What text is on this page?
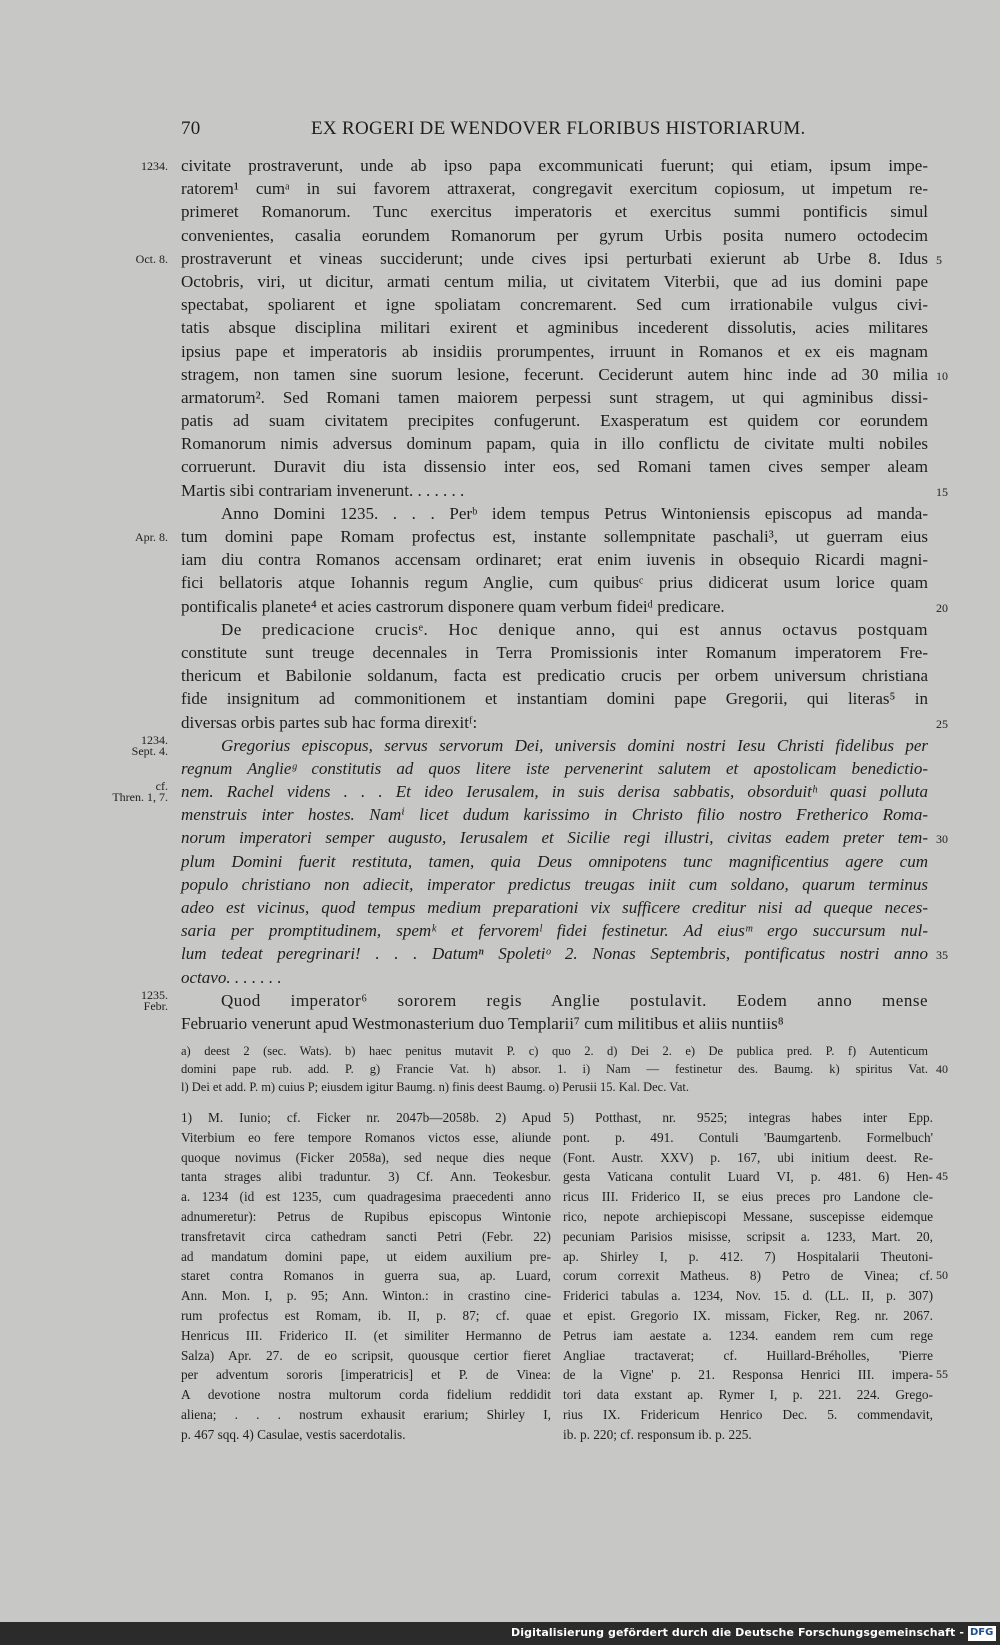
70	EX ROGERI DE WENDOVER FLORIBUS HISTORIARUM.
1234. civitate prostraverunt, unde ab ipso papa excommunicati fuerunt; qui etiam, ipsum impe-
ratorem¹ cumᵃ in sui favorem attraxerat, congregavit exercitum copiosum, ut impetum re-
primeret Romanorum. Tunc exercitus imperatoris et exercitus summi pontificis simul
convenientes, casalia eorundem Romanorum per gyrum Urbis posita numero octodecim
Oct. 8. prostraverunt et vineas succiderunt; unde cives ipsi perturbati exierunt ab Urbe 8. Idus 5
Octobris, viri, ut dicitur, armati centum milia, ut civitatem Viterbii, que ad ius domini pape
spectabat, spoliarent et igne spoliatam concremarent. Sed cum irrationabile vulgus civi-
tatis absque disciplina militari exirent et agminibus incederent dissolutis, acies militares
ipsius pape et imperatoris ab insidiis prorumpentes, irruunt in Romanos et ex eis magnam
stragem, non tamen sine suorum lesione, fecerunt. Ceciderunt autem hinc inde ad 30 milia 10
armatorum². Sed Romani tamen maiorem perpessi sunt stragem, ut qui agminibus dissi-
patis ad suam civitatem precipites confugerunt. Exasperatum est quidem cor eorundem
Romanorum nimis adversus dominum papam, quia in illo conflictu de civitate multi nobiles
corruerunt. Duravit diu ista dissensio inter eos, sed Romani tamen cives semper aleam
Martis sibi contrariam invenerunt. . . . . . .	15
Anno Domini 1235. . . . Perᵇ idem tempus Petrus Wintoniensis episcopus ad manda-
Apr. 8. tum domini pape Romam profectus est, instante sollempnitate paschali³, ut guerram eius
iam diu contra Romanos accensam ordinaret; erat enim iuvenis in obsequio Ricardi magni-
fici bellatoris atque Iohannis regum Anglie, cum quibusᶜ prius didicerat usum lorice quam
pontificalis planete⁴ et acies castrorum disponere quam verbum fideiᵈ predicare.	20
De predicacione crucisᵉ. Hoc denique anno, qui est annus octavus postquam
constitute sunt treuge decennales in Terra Promissionis inter Romanum imperatorem Fre-
thericum et Babilonie soldanum, facta est predicatio crucis per orbem universum christiana
fide insignitum ad commonitionem et instantiam domini pape Gregorii, qui literas⁵ in
diversas orbis partes sub hac forma direxitᶠ:	25
1234.
Sept. 4.	Gregorius episcopus, servus servorum Dei, universis domini nostri Iesu Christi fidelibus per
regnum Anglieᵍ constitutis ad quos litere iste pervenerint salutem et apostolicam benedictio-
cf.
Thren. 1, 7. nem. Rachel videns . . . Et ideo Ierusalem, in suis derisa sabbatis, obsorduitʰ quasi polluta
menstruis inter hostes. Namⁱ licet dudum karissimo in Christo filio nostro Fretherico Roma-
norum imperatori semper augusto, Ierusalem et Sicilie regi illustri, civitas eadem preter tem- 30
plum Domini fuerit restituta, tamen, quia Deus omnipotens tunc magnificentius agere cum
populo christiano non adiecit, imperator predictus treugas iniit cum soldano, quarum terminus
adeo est vicinus, quod tempus medium preparationi vix sufficere creditur nisi ad queque neces-
saria per promptitudinem, spemᵏ et fervoremˡ fidei festinetur. Ad eiusᵐ ergo succursum nul-
lum tedeat peregrinari! . . . Datumⁿ Spoletiᵒ 2. Nonas Septembris, pontificatus nostri anno 35
octavo. . . . . . .
1235.
Febr.	Quod imperator⁶ sororem regis Anglie postulavit. Eodem anno mense
Februario venerunt apud Westmonasterium duo Templarii⁷ cum militibus et aliis nuntiis⁸
a) deest 2 (sec. Wats). b) haec penitus mutavit P. c) quo 2. d) Dei 2. e) De publica pred. P. f) Autenticum
domini pape rub. add. P. g) Francie Vat. h) absor. 1. i) Nam — festinetur des. Baumg. k) spiritus Vat. 40
l) Dei et add. P. m) cuius P; eiusdem igitur Baumg. n) finis deest Baumg. o) Perusii 15. Kal. Dec. Vat.
1) M. Iunio; cf. Ficker nr. 2047b—2058b. 2) Apud
Viterbium eo fere tempore Romanos victos esse, aliunde
quoque novimus (Ficker 2058a), sed neque dies neque
tanta strages alibi traduntur. 3) Cf. Ann. Teokesbur.
a. 1234 (id est 1235, cum quadragesima praecedenti anno
adnumeretur): Petrus de Rupibus episcopus Wintonie
transfretavit circa cathedram sancti Petri (Febr. 22)
ad mandatum domini pape, ut eidem auxilium pre-
staret contra Romanos in guerra sua, ap. Luard,
Ann. Mon. I, p. 95; Ann. Winton.: in crastino cine-
rum profectus est Romam, ib. II, p. 87; cf. quae
Henricus III. Friderico II. (et similiter Hermanno de
Salza) Apr. 27. de eo scripsit, quousque certior fieret
per adventum sororis [imperatricis] et P. de Vinea:
A devotione nostra multorum corda fidelium reddidit
aliena; . . . nostrum exhausit erarium; Shirley I,
p. 467 sqq. 4) Casulae, vestis sacerdotalis.
5) Potthast, nr. 9525; integras habes inter Epp.
pont. p. 491. Contuli 'Baumgartenb. Formelbuch'
(Font. Austr. XXV) p. 167, ubi initium deest. Re-
gesta Vaticana contulit Luard VI, p. 481. 6) Hen- 45
ricus III. Friderico II, se eius preces pro Landone cle-
rico, nepote archiepiscopi Messane, suscepisse eidemque
pecuniam Parisios misisse, scripsit a. 1233, Mart. 20,
ap. Shirley I, p. 412. 7) Hospitalarii Theutoni-
corum correxit Matheus. 8) Petro de Vinea; cf. 50
Friderici tabulas a. 1234, Nov. 15. d. (LL. II, p. 307)
et epist. Gregorio IX. missam, Ficker, Reg. nr. 2067.
Petrus iam aestate a. 1234. eandem rem cum rege
Angliae tractaverat; cf. Huillard-Bréholles, 'Pierre
de la Vigne' p. 21. Responsa Henrici III. impera- 55
tori data exstant ap. Rymer I, p. 221. 224. Grego-
rius IX. Fridericum Henrico Dec. 5. commendavit,
ib. p. 220; cf. responsum ib. p. 225.
Digitalisierung gefördert durch die Deutsche Forschungsgemeinschaft - DFG
